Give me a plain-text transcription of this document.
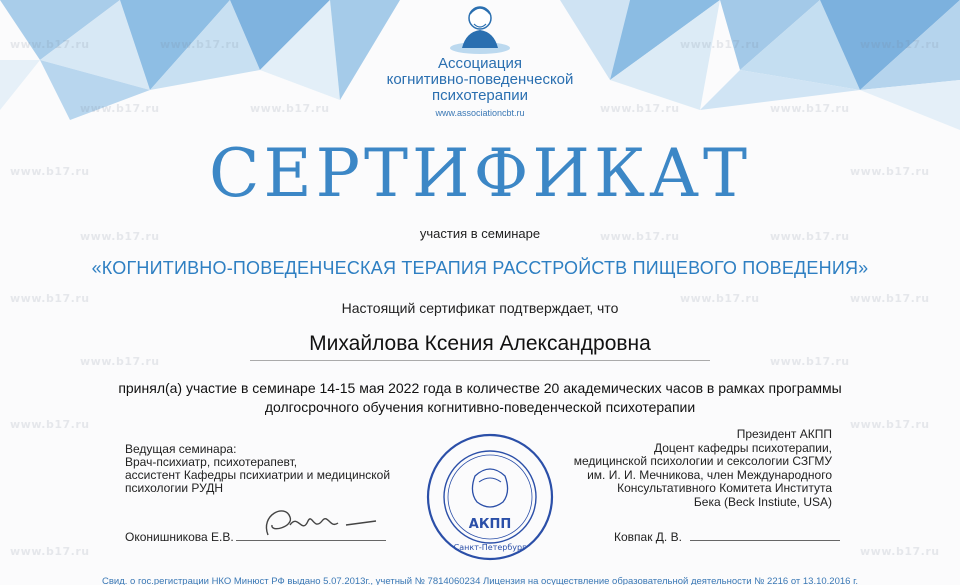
www.b17.ru	www.b17.ru	www.b17.ru	www.b17.ru
www.b17.ru	www.b17.ru	www.b17.ru	www.b17.ru
www.b17.ru	www.b17.ru
www.b17.ru	www.b17.ru	www.b17.ru
www.b17.ru	www.b17.ru	www.b17.ru
www.b17.ru	www.b17.ru
www.b17.ru	www.b17.ru
www.b17.ru	www.b17.ru
Ассоциация
когнитивно-поведенческой
психотерапии
www.associationcbt.ru
СЕРТИФИКАТ
участия в семинаре
«КОГНИТИВНО-ПОВЕДЕНЧЕСКАЯ ТЕРАПИЯ РАССТРОЙСТВ ПИЩЕВОГО ПОВЕДЕНИЯ»
Настоящий сертификат подтверждает, что
Михайлова Ксения Александровна
принял(а) участие в семинаре 14-15 мая 2022 года в количестве 20 академических часов в рамках программы
долгосрочного обучения когнитивно-поведенческой психотерапии
Ведущая семинара:
Врач-психиатр, психотерапевт,
ассистент Кафедры психиатрии и медицинской
психологии РУДН
Оконишникова Е.В.
АКПП
Санкт-Петербург
Президент АКПП
Доцент кафедры психотерапии,
медицинской психологии и сексологии СЗГМУ
им. И. И. Мечникова, член Международного
Консультативного Комитета Института
Бека (Beck Instiute, USA)
Ковпак Д. В.
Свид. о гос.регистрации НКО Минюст РФ выдано 5.07.2013г., учетный № 7814060234 Лицензия на осуществление образовательной деятельности № 2216 от 13.10.2016 г.
